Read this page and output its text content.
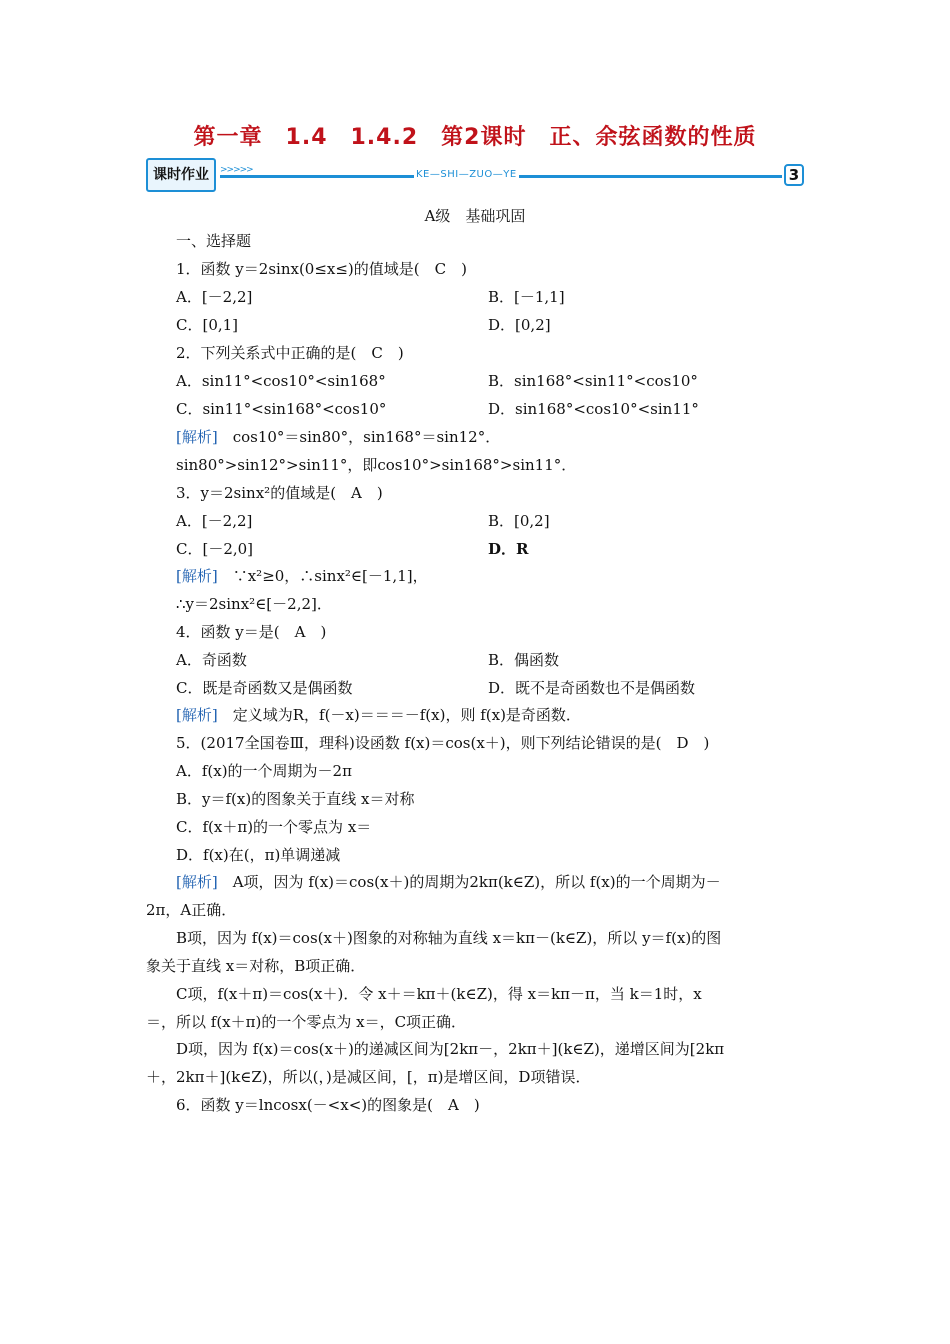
第一章　1.4　1.4.2　第2课时　正、余弦函数的性质
课时作业	>>>>>	KE—SHI—ZUO—YE	3
A级　基础巩固
一、选择题
1．函数 y＝2sinx(0≤x≤)的值域是(　C　)
A．[－2,2]	B．[－1,1]
C．[0,1]	D．[0,2]
2．下列关系式中正确的是(　C　)
A．sin11°<cos10°<sin168°	B．sin168°<sin11°<cos10°
C．sin11°<sin168°<cos10°	D．sin168°<cos10°<sin11°
[解析]　cos10°＝sin80°，sin168°＝sin12°．
sin80°>sin12°>sin11°，即cos10°>sin168°>sin11°．
3．y＝2sinx²的值域是(　A　)
A．[－2,2]	B．[0,2]
C．[－2,0]	D．R
[解析]　∵x²≥0，∴sinx²∈[－1,1]，
∴y＝2sinx²∈[－2,2]．
4．函数 y＝是(　A　)
A．奇函数	B．偶函数
C．既是奇函数又是偶函数	D．既不是奇函数也不是偶函数
[解析]　定义域为R，f(－x)＝＝＝－f(x)，则 f(x)是奇函数．
5．(2017全国卷Ⅲ，理科)设函数 f(x)＝cos(x＋)，则下列结论错误的是(　D　)
A．f(x)的一个周期为－2π
B．y＝f(x)的图象关于直线 x＝对称
C．f(x＋π)的一个零点为 x＝
D．f(x)在(，π)单调递减
[解析]　A项，因为 f(x)＝cos(x＋)的周期为2kπ(k∈Z)，所以 f(x)的一个周期为－
2π，A正确．
B项，因为 f(x)＝cos(x＋)图象的对称轴为直线 x＝kπ－(k∈Z)，所以 y＝f(x)的图
象关于直线 x＝对称，B项正确．
C项，f(x＋π)＝cos(x＋)．令 x＋＝kπ＋(k∈Z)，得 x＝kπ－π，当 k＝1时，x
＝，所以 f(x＋π)的一个零点为 x＝，C项正确．
D项，因为 f(x)＝cos(x＋)的递减区间为[2kπ－，2kπ＋](k∈Z)，递增区间为[2kπ
＋，2kπ＋](k∈Z)，所以(，)是减区间，[，π)是增区间，D项错误．
6．函数 y＝lncosx(－<x<)的图象是(　A　)
